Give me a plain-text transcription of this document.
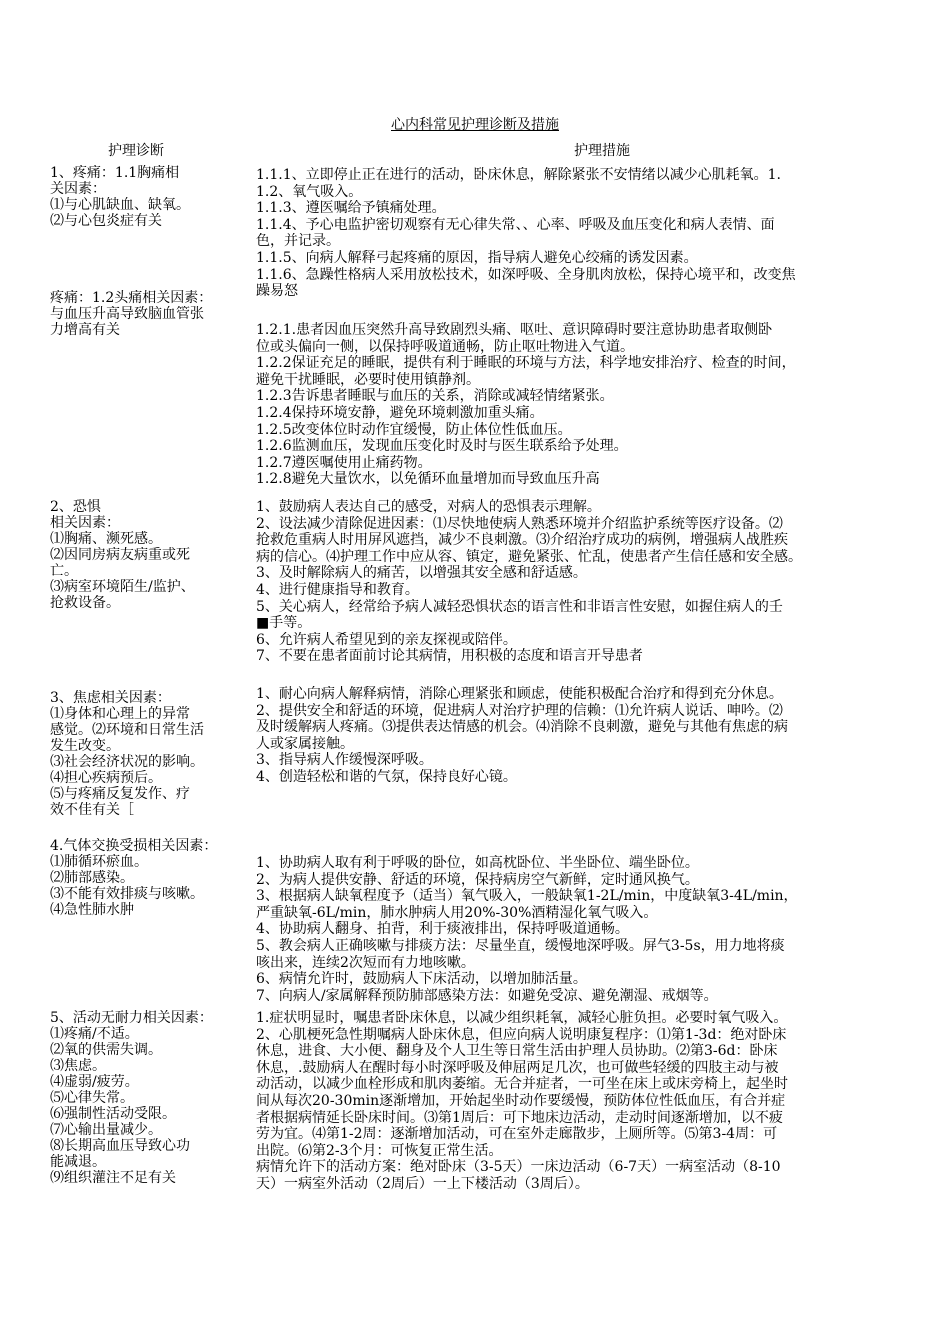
心内科常见护理诊断及措施
护理诊断	护理措施
1、疼痛：1.1胸痛相
关因素：
⑴与心肌缺血、缺氧。
⑵与心包炎症有关
1.1.1、立即停止正在进行的活动，卧床休息，解除紧张不安情绪以减少心肌耗氧。1.
1.2、氧气吸入。
1.1.3、遵医嘱给予镇痛处理。
1.1.4、予心电监护密切观察有无心律失常、、心率、呼吸及血压变化和病人表情、面
色，并记录。
1.1.5、向病人解释弓起疼痛的原因，指导病人避免心绞痛的诱发因素。
1.1.6、急躁性格病人采用放松技术，如深呼吸、全身肌肉放松，保持心境平和，改变焦
躁易怒
疼痛：1.2头痛相关因素：
与血压升高导致脑血管张
力增高有关	1.2.1.患者因血压突然升高导致剧烈头痛、呕吐、意识障碍时要注意协助患者取侧卧
位或头偏向一侧，以保持呼吸道通畅，防止呕吐物进入气道。
1.2.2保证充足的睡眠，提供有利于睡眠的环境与方法，科学地安排治疗、检查的时间，
避免干扰睡眠，必要时使用镇静剂。
1.2.3告诉患者睡眠与血压的关系，消除或减轻情绪紧张。
1.2.4保持环境安静，避免环境刺激加重头痛。
1.2.5改变体位时动作宜缓慢，防止体位性低血压。
1.2.6监测血压，发现血压变化时及时与医生联系给予处理。
1.2.7遵医嘱使用止痛药物。
1.2.8避免大量饮水，以免循环血量增加而导致血压升高
2、恐惧
相关因素：
⑴胸痛、濒死感。
⑵因同房病友病重或死
亡。
⑶病室环境陌生/监护、
抢救设备。
1、鼓励病人表达自己的感受，对病人的恐惧表示理解。
2、设法减少清除促进因素：⑴尽快地使病人熟悉环境并介绍监护系统等医疗设备。⑵
抢救危重病人时用屏风遮挡，减少不良刺激。⑶介绍治疗成功的病例，增强病人战胜疾
病的信心。⑷护理工作中应从容、镇定，避免紧张、忙乱，使患者产生信任感和安全感。
3、及时解除病人的痛苦，以增强其安全感和舒适感。
4、进行健康指导和教育。
5、关心病人，经常给予病人减轻恐惧状态的语言性和非语言性安慰，如握住病人的壬
■手等。
6、允许病人希望见到的亲友探视或陪伴。
7、不要在患者面前讨论其病情，用积极的态度和语言开导患者
3、焦虑相关因素：
⑴身体和心理上的异常
感觉。⑵环境和日常生活
发生改变。
⑶社会经济状况的影响。
⑷担心疾病预后。
⑸与疼痛反复发作、疗
效不佳有关［
1、耐心向病人解释病情，消除心理紧张和顾虑，使能积极配合治疗和得到充分休息。
2、提供安全和舒适的环境，促进病人对治疗护理的信赖：⑴允许病人说话、呻吟。⑵
及时缓解病人疼痛。⑶提供表达情感的机会。⑷消除不良刺激，避免与其他有焦虑的病
人或家属接触。
3、指导病人作缓慢深呼吸。
4、创造轻松和谐的气氛，保持良好心镜。
4.气体交换受损相关因素：
⑴肺循环瘀血。
⑵肺部感染。
⑶不能有效排痰与咳嗽。
⑷急性肺水肿
1、协助病人取有利于呼吸的卧位，如高枕卧位、半坐卧位、端坐卧位。
2、为病人提供安静、舒适的环境，保持病房空气新鲜，定时通风换气。
3、根据病人缺氧程度予（适当）氧气吸入，一般缺氧1-2L/min，中度缺氧3-4L/min，
严重缺氧-6L/min，肺水肿病人用20%-30%酒精湿化氧气吸入。
4、协助病人翻身、拍背，利于痰液排出，保持呼吸道通畅。
5、教会病人正确咳嗽与排痰方法：尽量坐直，缓慢地深呼吸。屏气3-5s，用力地将痰
咳出来，连续2次短而有力地咳嗽。
6、病情允许时，鼓励病人下床活动，以增加肺活量。
7、向病人/家属解释预防肺部感染方法：如避免受凉、避免潮湿、戒烟等。
5、活动无耐力相关因素：
⑴疼痛/不适。
⑵氧的供需失调。
⑶焦虑。
⑷虚弱/疲劳。
⑸心律失常。
⑹强制性活动受限。
⑺心输出量减少。
⑻长期高血压导致心功
能减退。
⑼组织灌注不足有关
1.症状明显时，嘱患者卧床休息，以减少组织耗氧，减轻心脏负担。必要时氧气吸入。
2、心肌梗死急性期嘱病人卧床休息，但应向病人说明康复程序：⑴第1-3d：绝对卧床
休息，进食、大小便、翻身及个人卫生等日常生活由护理人员协助。⑵第3-6d：卧床
休息，.鼓励病人在醒时每小时深呼吸及伸屈两足几次，也可做些轻缓的四肢主动与被
动活动，以减少血栓形成和肌肉萎缩。无合并症者，一可坐在床上或床旁椅上，起坐时
间从每次20-30min逐渐增加，开始起坐时动作要缓慢，预防体位性低血压，有合并症
者根据病情延长卧床时间。⑶第1周后：可下地床边活动，走动时间逐渐增加，以不疲
劳为宜。⑷第1-2周：逐渐增加活动，可在室外走廊散步，上厕所等。⑸第3-4周：可
出院。⑹第2-3个月：可恢复正常生活。
病情允许下的活动方案：绝对卧床（3-5天）一床边活动（6-7天）一病室活动（8-10
天）一病室外活动（2周后）一上下楼活动（3周后）。
